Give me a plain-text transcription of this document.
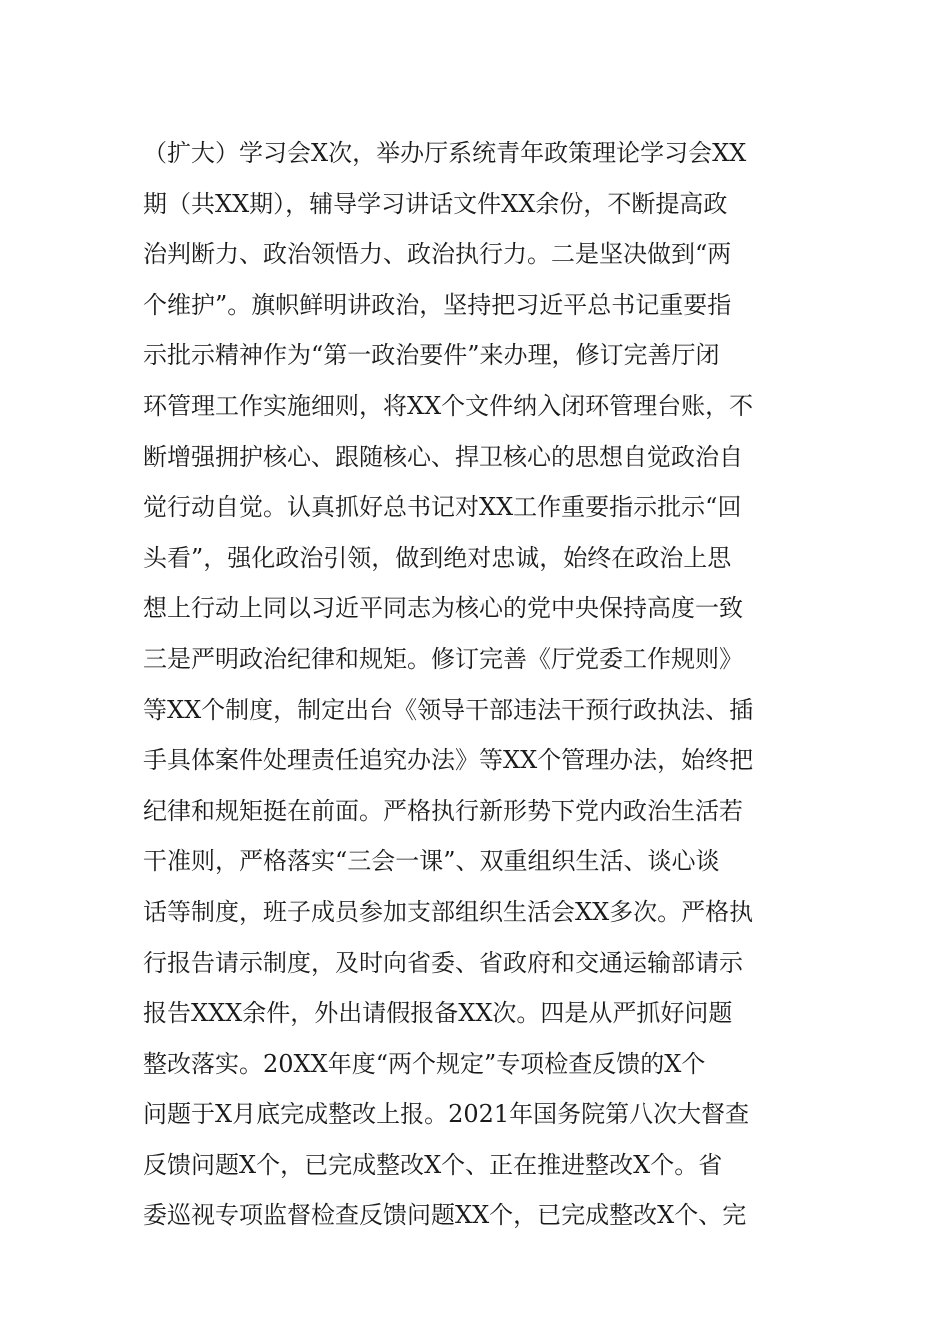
（扩大）学习会X次，举办厅系统青年政策理论学习会XX
期（共XX期），辅导学习讲话文件XX余份，不断提高政
治判断力、政治领悟力、政治执行力。二是坚决做到“两
个维护”。旗帜鲜明讲政治，坚持把习近平总书记重要指
示批示精神作为“第一政治要件”来办理，修订完善厅闭
环管理工作实施细则，将XX个文件纳入闭环管理台账，不
断增强拥护核心、跟随核心、捍卫核心的思想自觉政治自
觉行动自觉。认真抓好总书记对XX工作重要指示批示“回
头看”，强化政治引领，做到绝对忠诚，始终在政治上思
想上行动上同以习近平同志为核心的党中央保持高度一致
三是严明政治纪律和规矩。修订完善《厅党委工作规则》
等XX个制度，制定出台《领导干部违法干预行政执法、插
手具体案件处理责任追究办法》等XX个管理办法，始终把
纪律和规矩挺在前面。严格执行新形势下党内政治生活若
干准则，严格落实“三会一课”、双重组织生活、谈心谈
话等制度，班子成员参加支部组织生活会XX多次。严格执
行报告请示制度，及时向省委、省政府和交通运输部请示
报告XXX余件，外出请假报备XX次。四是从严抓好问题
整改落实。20XX年度“两个规定”专项检查反馈的X个
问题于X月底完成整改上报。2021年国务院第八次大督查
反馈问题X个，已完成整改X个、正在推进整改X个。省
委巡视专项监督检查反馈问题XX个，已完成整改X个、完
